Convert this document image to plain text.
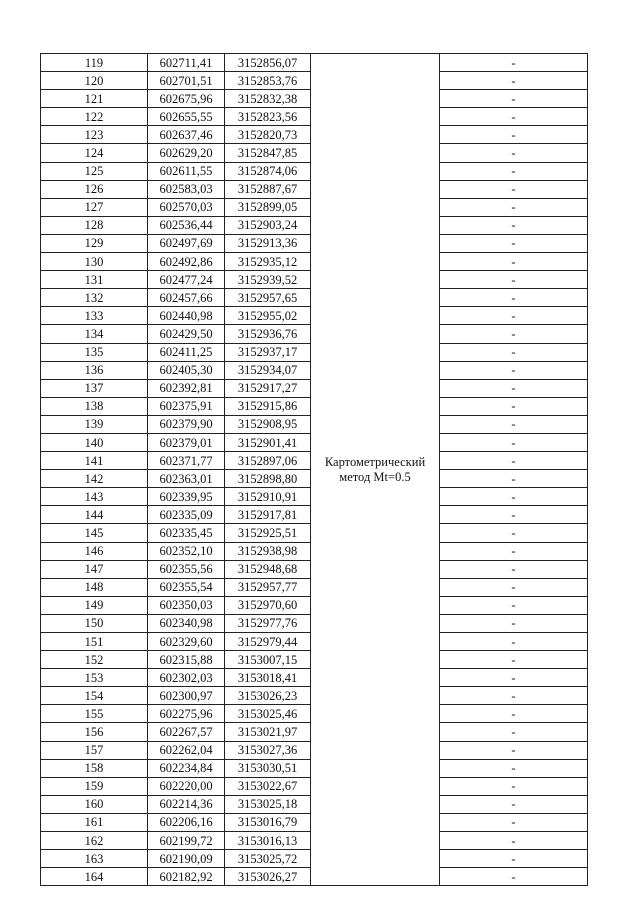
119	602711,41	3152856,07	Картометрический метод Mt=0.5	-
120	602701,51	3152853,76		-
121	602675,96	3152832,38		-
122	602655,55	3152823,56		-
123	602637,46	3152820,73		-
124	602629,20	3152847,85		-
125	602611,55	3152874,06		-
126	602583,03	3152887,67		-
127	602570,03	3152899,05		-
128	602536,44	3152903,24		-
129	602497,69	3152913,36		-
130	602492,86	3152935,12		-
131	602477,24	3152939,52		-
132	602457,66	3152957,65		-
133	602440,98	3152955,02		-
134	602429,50	3152936,76		-
135	602411,25	3152937,17		-
136	602405,30	3152934,07		-
137	602392,81	3152917,27		-
138	602375,91	3152915,86		-
139	602379,90	3152908,95		-
140	602379,01	3152901,41		-
141	602371,77	3152897,06		-
142	602363,01	3152898,80		-
143	602339,95	3152910,91		-
144	602335,09	3152917,81		-
145	602335,45	3152925,51		-
146	602352,10	3152938,98		-
147	602355,56	3152948,68		-
148	602355,54	3152957,77		-
149	602350,03	3152970,60		-
150	602340,98	3152977,76		-
151	602329,60	3152979,44		-
152	602315,88	3153007,15		-
153	602302,03	3153018,41		-
154	602300,97	3153026,23		-
155	602275,96	3153025,46		-
156	602267,57	3153021,97		-
157	602262,04	3153027,36		-
158	602234,84	3153030,51		-
159	602220,00	3153022,67		-
160	602214,36	3153025,18		-
161	602206,16	3153016,79		-
162	602199,72	3153016,13		-
163	602190,09	3153025,72		-
164	602182,92	3153026,27		-
